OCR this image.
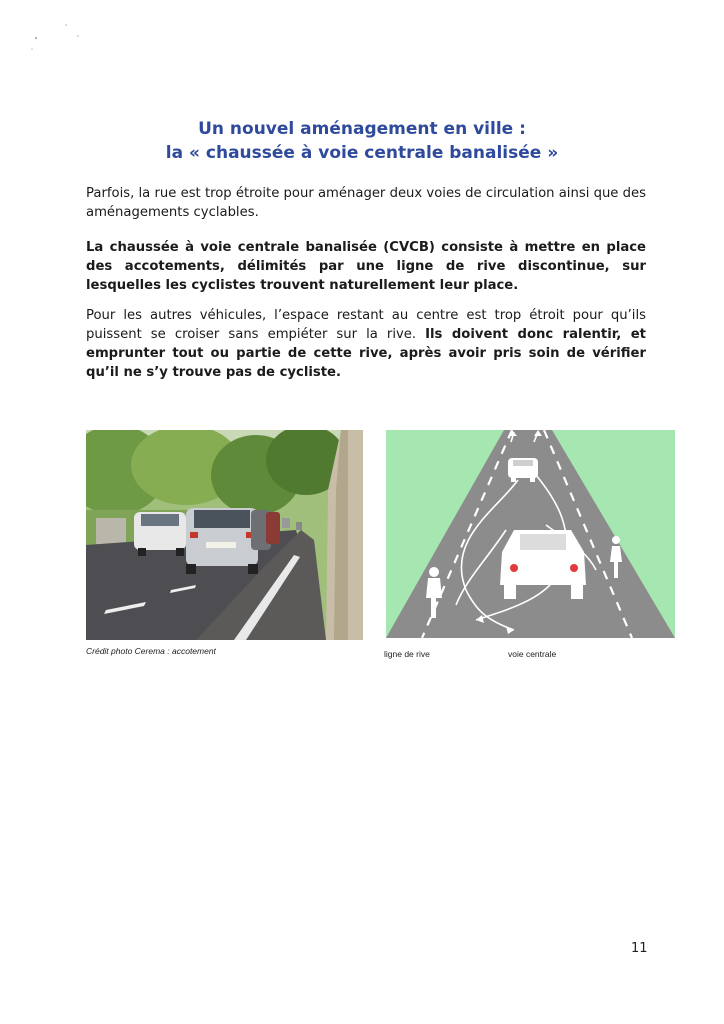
Un nouvel aménagement en ville :
la « chaussée à voie centrale banalisée »
Parfois, la rue est trop étroite pour aménager deux voies de circulation ainsi que des aménagements cyclables.
La chaussée à voie centrale banalisée (CVCB) consiste à mettre en place des accotements, délimités par une ligne de rive discontinue, sur lesquelles les cyclistes trouvent naturellement leur place.
Pour les autres véhicules, l’espace restant au centre est trop étroit pour qu’ils puissent se croiser sans empiéter sur la rive. Ils doivent donc ralentir, et emprunter tout ou partie de cette rive, après avoir pris soin de vérifier qu’il ne s’y trouve pas de cycliste.
Crédit photo Cerema : accotement	ligne de rive	voie centrale
11
